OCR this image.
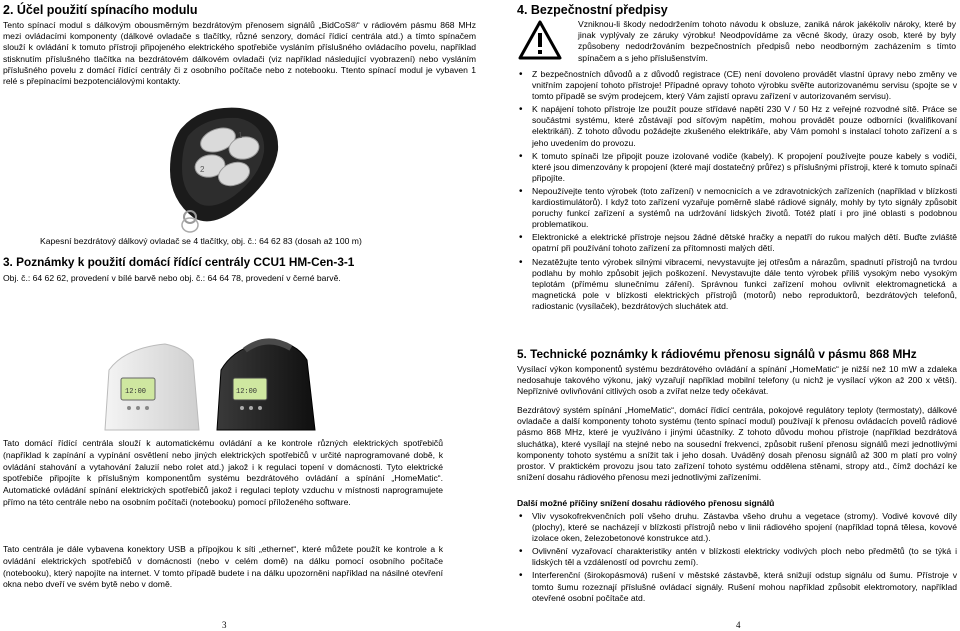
2. Účel použití spínacího modulu

Tento spínací modul s dálkovým obousměrným bezdrátovým přenosem signálů „BidCoS®“ v rádiovém pásmu 868 MHz mezi ovládacími komponenty (dálkové ovladače s tlačítky, různé senzory, domácí řídicí centrála atd.) a tímto spínačem slouží k ovládání k tomuto přístroji připojeného elektrického spotřebiče vysláním příslušného ovládacího povelu, například stisknutím příslušného tlačítka na bezdrátovém dálkovém ovladači (viz například následující vyobrazení) nebo vysláním příslušného povelu z domácí řídící centrály či z osobního počítače nebo z notebooku. Ttento spínací modul je vybaven 1 relé s přepínacími bezpotenciálovými kontakty.

1
2
Kapesní bezdrátový dálkový ovladač se 4 tlačítky, obj. č.: 64 62 83 (dosah až 100 m)
3. Poznámky k použití domácí řídící centrály CCU1 HM-Cen-3-1
Obj. č.: 64 62 62, provedení v bílé barvě nebo obj. č.: 64 64 78, provedení v černé barvě.
12:00	12:00

Tato domácí řídící centrála slouží k automatickému ovládání a ke kontrole různých elektrických spotřebičů (například k zapínání a vypínání osvětlení nebo jiných elektrických spotřebičů v určité naprogramované době, k ovládání stahování a vytahování žaluzií nebo rolet atd.) jakož i k regulaci topení v domácnosti. Tyto elektrické spotřebiče připojíte k příslušným komponentům systému bezdrátového ovládání a spínání „HomeMatic“. Automatické ovládání spínání elektrických spotřebičů jakož i regulaci teploty vzduchu v místnosti naprogramujete přímo na této centrále nebo na osobním počítači (notebooku) pomocí příloženého software.

Tato centrála je dále vybavena konektory USB a přípojkou k síti „ethernet“, které můžete použít ke kontrole a k ovládání elektrických spotřebičů v domácnosti (nebo v celém domě) na dálku pomocí osobního počítače (notebooku), který napojíte na internet. V tomto případě budete i na dálku upozorněni například na násilné otevření okna nebo dveří ve svém bytě nebo v domě.

3
4. Bezpečnostní předpisy

Vzniknou-li škody nedodržením tohoto návodu k obsluze, zaniká nárok jakékoliv nároky, které by jinak vyplývaly ze záruky výrobku! Neodpovídáme za věcné škody, úrazy osob, které by byly způsobeny nedodržováním bezpečnostních předpisů nebo neodborným zacházením s tímto spínačem a s jeho příslušenstvím.

• Z bezpečnostních důvodů a z důvodů registrace (CE) není dovoleno provádět vlastní úpravy nebo změny ve vnitřním zapojení tohoto přístroje! Případné opravy tohoto výrobku svěřte autorizovanému servisu (spojte se v tomto případě se svým prodejcem, který Vám zajistí opravu zařízení v autorizovaném servisu).
• K napájení tohoto přístroje lze použít pouze střídavé napětí 230 V / 50 Hz z veřejné rozvodné sítě. Práce se součástmi systému, které zůstávají pod síťovým napětím, mohou provádět pouze odborníci (kvalifikovaní elektrikáři). Z tohoto důvodu požádejte zkušeného elektrikáře, aby Vám pomohl s instalací tohoto zařízení a s jeho uvedením do provozu.
• K tomuto spínači lze připojit pouze izolované vodiče (kabely). K propojení používejte pouze kabely s vodiči, které jsou dimenzovány k propojení (které mají dostatečný průřez) s příslušnými přístroji, které k tomuto spínači připojíte.
• Nepoužívejte tento výrobek (toto zařízení) v nemocnicích a ve zdravotnických zařízeních (například v blízkosti kardiostimulátorů). I když toto zařízení vyzařuje poměrně slabé rádiové signály, mohly by tyto signály způsobit poruchy funkcí zařízení a systémů na udržování lidských životů. Totéž platí i pro jiné oblasti s podobnou problematikou.
• Elektronické a elektrické přístroje nejsou žádné dětské hračky a nepatří do rukou malých dětí. Buďte zvláště opatrní při používání tohoto zařízení za přítomnosti malých dětí.
• Nezatěžujte tento výrobek silnými vibracemi, nevystavujte jej otřesům a nárazům, spadnutí přístrojů na tvrdou podlahu by mohlo způsobit jejich poškození. Nevystavujte dále tento výrobek příliš vysokým nebo vysokým teplotám (přímému slunečnímu záření). Správnou funkci zařízení mohou ovlivnit elektromagnetická a magnetická pole v blízkosti elektrických přístrojů (motorů) nebo reproduktorů, bezdrátových telefonů, radiostanic (vysílaček), bezdrátových sluchátek atd.
5. Technické poznámky k rádiovému přenosu signálů v pásmu 868 MHz

Vysílací výkon komponentů systému bezdrátového ovládání a spínání „HomeMatic“ je nižší než 10 mW a zdaleka nedosahuje takového výkonu, jaký vyzařují například mobilní telefony (u nichž je vysílací výkon až 200 x větší). Nepříznivé ovlivňování citlivých osob a zvířat nelze tedy očekávat.

Bezdrátový systém spínání „HomeMatic“, domácí řídicí centrála, pokojové regulátory teploty (termostaty), dálkové ovladače a další komponenty tohoto systému (tento spínací modul) používají k přenosu ovládacích povelů rádiové pásmo 868 MHz, které je využíváno i jinými účastníky. Z tohoto důvodu mohou přístroje (například bezdrátová sluchátka), které vysílají na stejné nebo na sousední frekvenci, způsobit rušení přenosu signálů mezi jednotlivými komponenty tohoto systému a snížit tak i jeho dosah. Uváděný dosah přenosu signálů až 300 m platí pro volný prostor. V praktickém provozu jsou tato zařízení tohoto systému oddělena stěnami, stropy atd., čímž dochází ke snížení dosahu rádiového přenosu mezi jednotlivými zařízeními.

Další možné příčiny snížení dosahu rádiového přenosu signálů
• Vliv vysokofrekvenčních polí všeho druhu. Zástavba všeho druhu a vegetace (stromy). Vodivé kovové díly (plochy), které se nacházejí v blízkosti přístrojů nebo v linii rádiového spojení (například topná tělesa, kovové izolace oken, železobetonové konstrukce atd.).
• Ovlivnění vyzařovací charakteristiky antén v blízkosti elektricky vodivých ploch nebo předmětů (to se týká i lidských těl a vzdáleností od povrchu zemí).
• Interferenční (širokopásmová) rušení v městské zástavbě, která snižují odstup signálu od šumu. Přístroje v tomto šumu rozeznají příslušné ovládací signály. Rušení mohou například způsobit elektromotory, například otevřené osobní počítače atd.
4
